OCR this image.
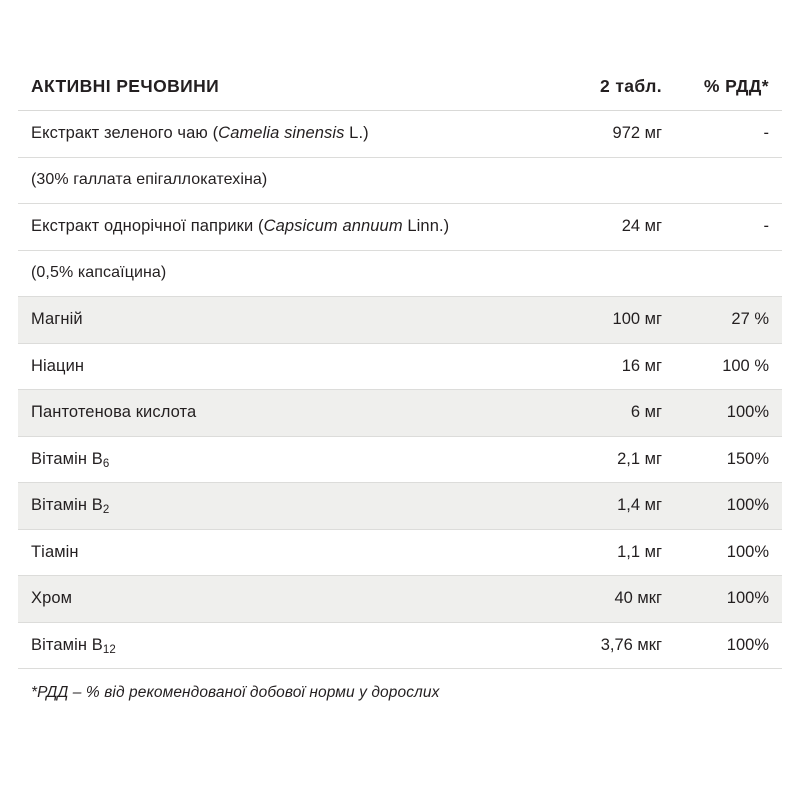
АКТИВНІ РЕЧОВИНИ	2 табл.	% РДД*
Екстракт зеленого чаю (Camelia sinensis L.)	972 мг	-
(30% галлата епігаллокатехіна)		
Екстракт однорічної паприки (Capsicum annuum Linn.)	24 мг	-
(0,5% капсаїцина)		
Магній	100 мг	27 %
Ніацин	16 мг	100 %
Пантотенова кислота	6 мг	100%
Вітамін $B_6$	2,1 мг	150%
Вітамін $B_2$	1,4 мг	100%
Тіамін	1,1 мг	100%
Хром	40 мкг	100%
Вітамін $B_{12}$	3,76 мкг	100%
*РДД – % від рекомендованої добової норми у дорослих
